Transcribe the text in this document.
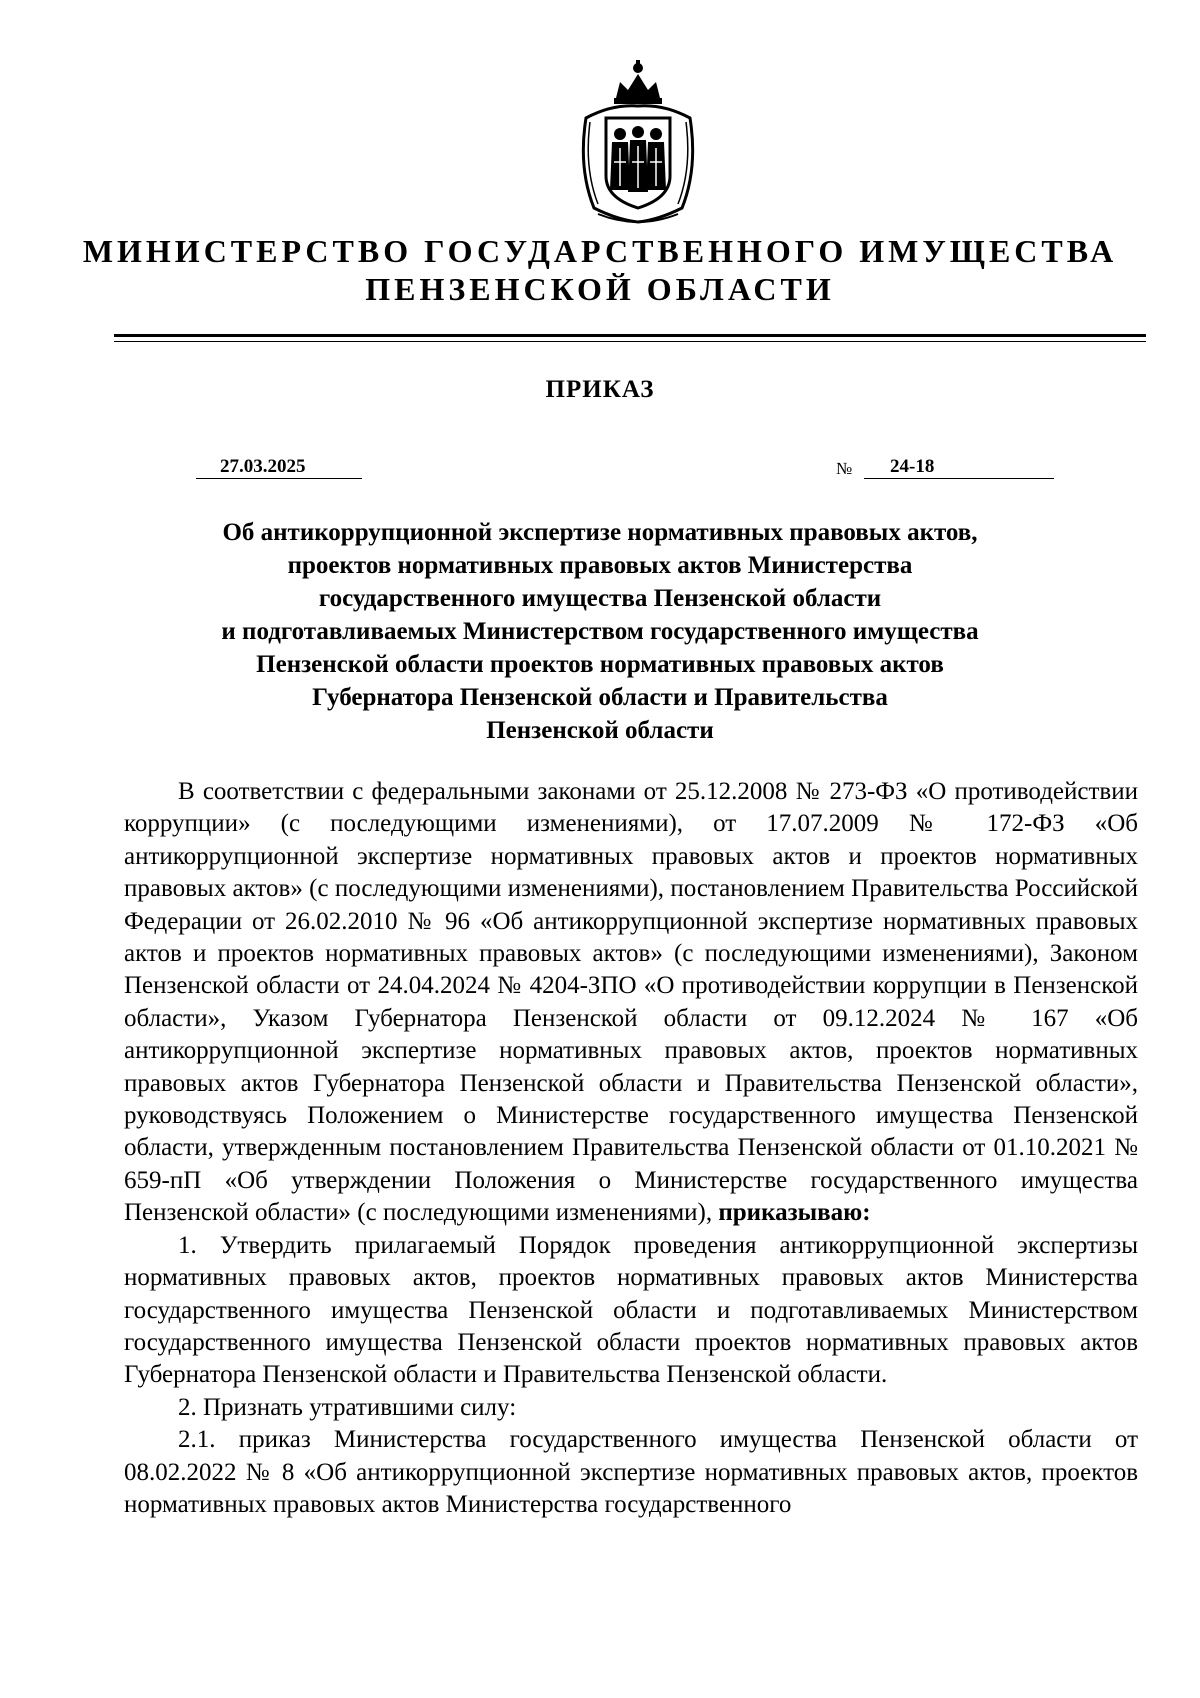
МИНИСТЕРСТВО ГОСУДАРСТВЕННОГО ИМУЩЕСТВА
ПЕНЗЕНСКОЙ ОБЛАСТИ
ПРИКАЗ
27.03.2025	№	24-18
Об антикоррупционной экспертизе нормативных правовых актов,
проектов нормативных правовых актов Министерства
государственного имущества Пензенской области
и подготавливаемых Министерством государственного имущества
Пензенской области проектов нормативных правовых актов
Губернатора Пензенской области и Правительства
Пензенской области

В соответствии с федеральными законами от 25.12.2008 № 273-ФЗ «О противодействии коррупции» (с последующими изменениями), от 17.07.2009 № 172-ФЗ «Об антикоррупционной экспертизе нормативных правовых актов и проектов нормативных правовых актов» (с последующими изменениями), постановлением Правительства Российской Федерации от 26.02.2010 № 96 «Об антикоррупционной экспертизе нормативных правовых актов и проектов нормативных правовых актов» (с последующими изменениями), Законом Пензенской области от 24.04.2024 № 4204-ЗПО «О противодействии коррупции в Пензенской области», Указом Губернатора Пензенской области от 09.12.2024 № 167 «Об антикоррупционной экспертизе нормативных правовых актов, проектов нормативных правовых актов Губернатора Пензенской области и Правительства Пензенской области», руководствуясь Положением о Министерстве государственного имущества Пензенской области, утвержденным постановлением Правительства Пензенской области от 01.10.2021 № 659-пП «Об утверждении Положения о Министерстве государственного имущества Пензенской области» (с последующими изменениями), приказываю:

1. Утвердить прилагаемый Порядок проведения антикоррупционной экспертизы нормативных правовых актов, проектов нормативных правовых актов Министерства государственного имущества Пензенской области и подготавливаемых Министерством государственного имущества Пензенской области проектов нормативных правовых актов Губернатора Пензенской области и Правительства Пензенской области.

2. Признать утратившими силу:

2.1. приказ Министерства государственного имущества Пензенской области от 08.02.2022 № 8 «Об антикоррупционной экспертизе нормативных правовых актов, проектов нормативных правовых актов Министерства государственного
